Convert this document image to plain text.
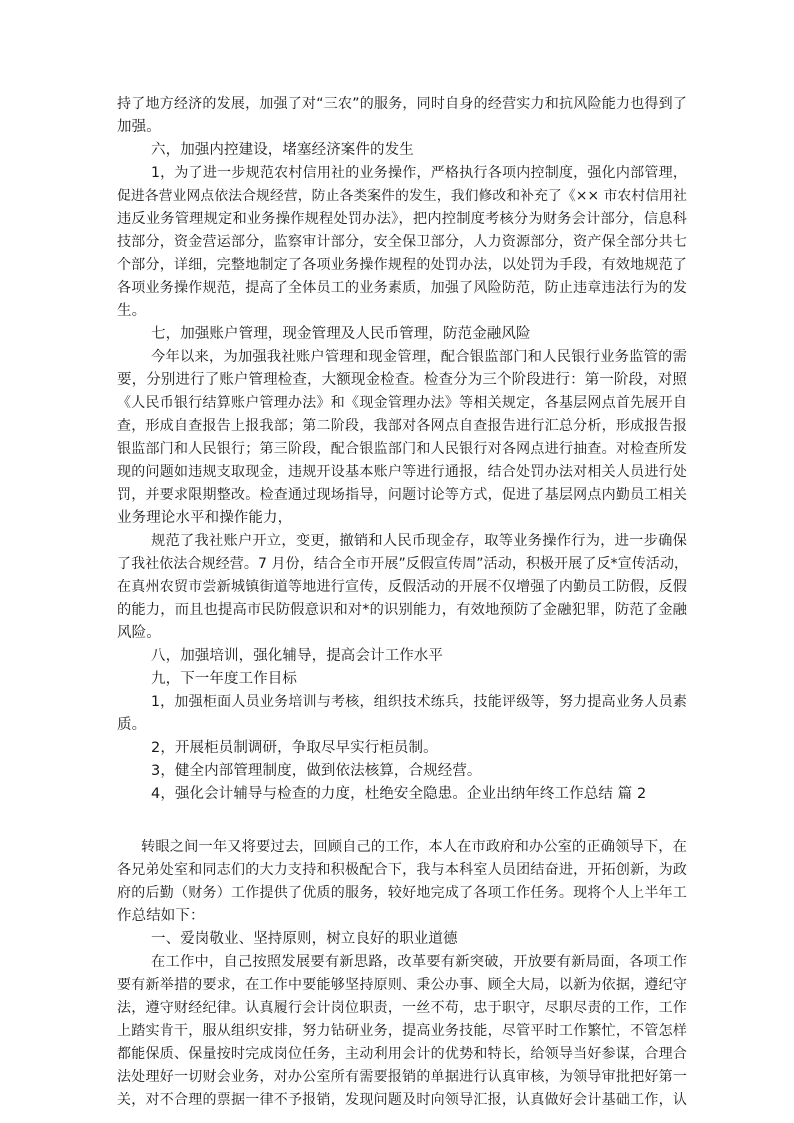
持了地方经济的发展，加强了对“三农”的服务，同时自身的经营实力和抗风险能力也得到了
加强。
六，加强内控建设，堵塞经济案件的发生
1，为了进一步规范农村信用社的业务操作，严格执行各项内控制度，强化内部管理，
促进各营业网点依法合规经营，防止各类案件的发生，我们修改和补充了《×× 市农村信用社
违反业务管理规定和业务操作规程处罚办法》，把内控制度考核分为财务会计部分，信息科
技部分，资金营运部分，监察审计部分，安全保卫部分，人力资源部分，资产保全部分共七
个部分，详细，完整地制定了各项业务操作规程的处罚办法，以处罚为手段，有效地规范了
各项业务操作规范，提高了全体员工的业务素质，加强了风险防范，防止违章违法行为的发
生。
七，加强账户管理，现金管理及人民币管理，防范金融风险
今年以来，为加强我社账户管理和现金管理，配合银监部门和人民银行业务监管的需
要，分别进行了账户管理检查，大额现金检查。检查分为三个阶段进行：第一阶段，对照
《人民币银行结算账户管理办法》和《现金管理办法》等相关规定，各基层网点首先展开自
查，形成自查报告上报我部；第二阶段，我部对各网点自查报告进行汇总分析，形成报告报
银监部门和人民银行；第三阶段，配合银监部门和人民银行对各网点进行抽查。对检查所发
现的问题如违规支取现金，违规开设基本账户等进行通报，结合处罚办法对相关人员进行处
罚，并要求限期整改。检查通过现场指导，问题讨论等方式，促进了基层网点内勤员工相关
业务理论水平和操作能力，
规范了我社账户开立，变更，撤销和人民币现金存，取等业务操作行为，进一步确保
了我社依法合规经营。7 月份，结合全市开展”反假宣传周”活动，积极开展了反*宣传活动，
在真州农贸市尝新城镇街道等地进行宣传，反假活动的开展不仅增强了内勤员工防假，反假
的能力，而且也提高市民防假意识和对*的识别能力，有效地预防了金融犯罪，防范了金融
风险。
八，加强培训，强化辅导，提高会计工作水平
九，下一年度工作目标
1，加强柜面人员业务培训与考核，组织技术练兵，技能评级等，努力提高业务人员素
质。
2，开展柜员制调研，争取尽早实行柜员制。
3，健全内部管理制度，做到依法核算，合规经营。
4，强化会计辅导与检查的力度，杜绝安全隐患。企业出纳年终工作总结 篇 2
转眼之间一年又将要过去，回顾自己的工作，本人在市政府和办公室的正确领导下，在
各兄弟处室和同志们的大力支持和积极配合下，我与本科室人员团结奋进，开拓创新，为政
府的后勤（财务）工作提供了优质的服务，较好地完成了各项工作任务。现将个人上半年工
作总结如下：
一、爱岗敬业、坚持原则，树立良好的职业道德
在工作中，自己按照发展要有新思路，改革要有新突破，开放要有新局面，各项工作
要有新举措的要求，在工作中要能够坚持原则、秉公办事、顾全大局，以新为依据，遵纪守
法，遵守财经纪律。认真履行会计岗位职责，一丝不苟，忠于职守，尽职尽责的工作，工作
上踏实肯干，服从组织安排，努力钻研业务，提高业务技能，尽管平时工作繁忙，不管怎样
都能保质、保量按时完成岗位任务，主动利用会计的优势和特长，给领导当好参谋，合理合
法处理好一切财会业务，对办公室所有需要报销的单据进行认真审核，为领导审批把好第一
关，对不合理的票据一律不予报销，发现问题及时向领导汇报，认真做好会计基础工作，认
